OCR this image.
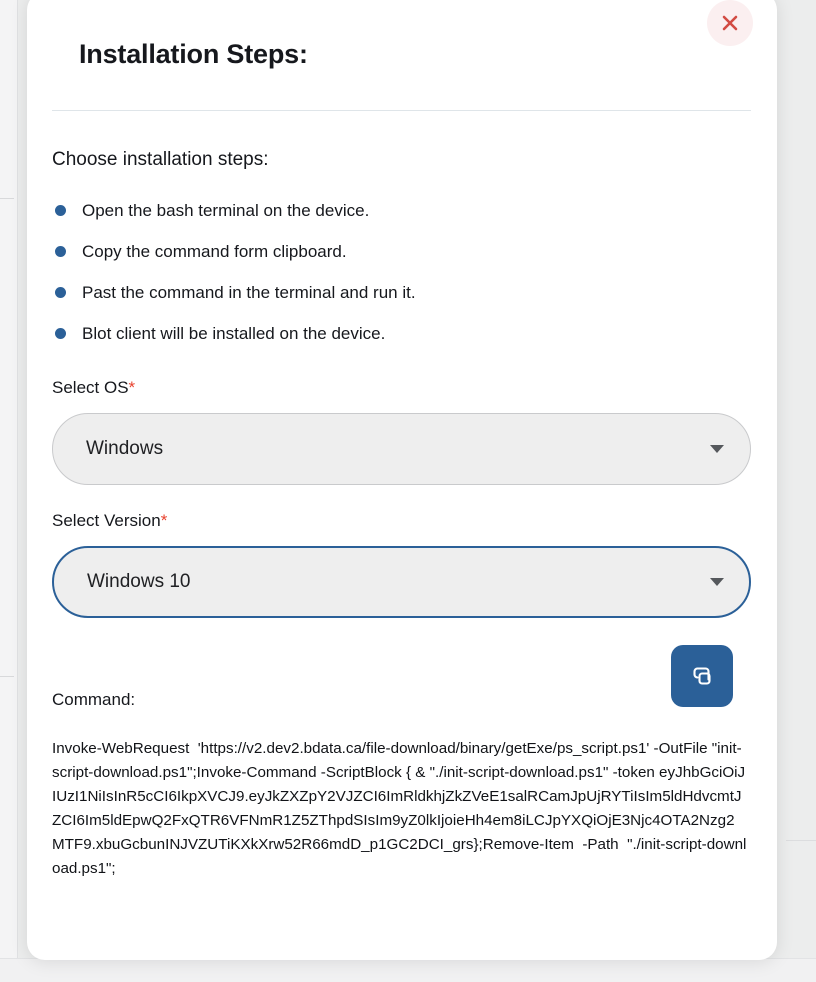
Installation Steps:
Choose installation steps:
Open the bash terminal on the device.
Copy the command form clipboard.
Past the command in the terminal and run it.
Blot client will be installed on the device.
Select OS*
Windows
Select Version*
Windows 10
Command:
Invoke-WebRequest  'https://v2.dev2.bdata.ca/file-download/binary/getExe/ps_script.ps1' -OutFile "init-script-download.ps1";Invoke-Command -ScriptBlock { & "./init-script-download.ps1" -token eyJhbGciOiJIUzI1NiIsInR5cCI6IkpXVCJ9.eyJkZXZpY2VJZCI6ImRldkhjZkZVeE1salRCamJpUjRYTiIsIm5ldHdvcmtJZCI6Im5ldEpwQ2FxQTR6VFNmR1Z5ZThpdSIsIm9yZ0lkIjoieHh4em8iLCJpYXQiOjE3Njc4OTA2Nzg2MTF9.xbuGcbunINJVZUTiKXkXrw52R66mdD_p1GC2DCI_grs};Remove-Item  -Path  "./init-script-download.ps1";
